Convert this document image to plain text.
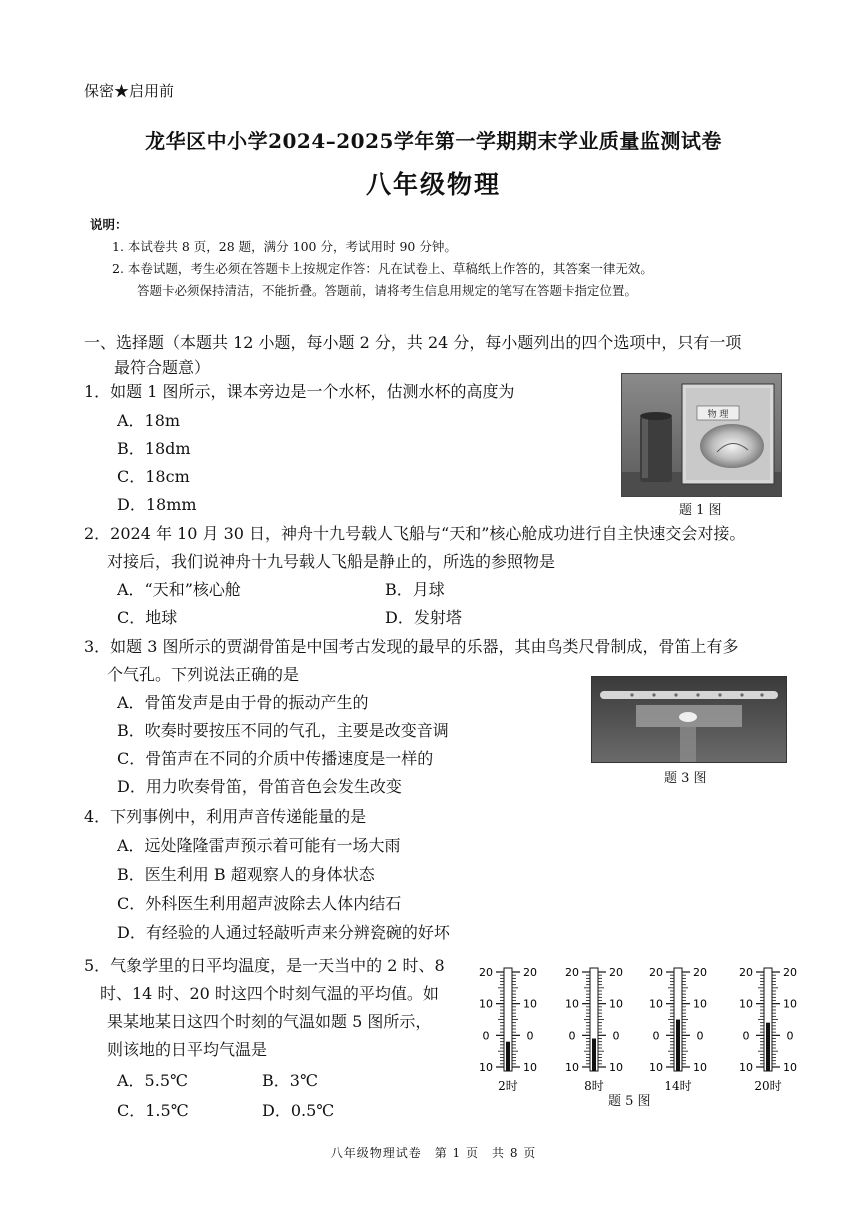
保密★启用前
龙华区中小学2024–2025学年第一学期期末学业质量监测试卷
八年级物理
说明：
1. 本试卷共 8 页，28 题，满分 100 分，考试用时 90 分钟。
2. 本卷试题，考生必须在答题卡上按规定作答：凡在试卷上、草稿纸上作答的，其答案一律无效。
答题卡必须保持清洁，不能折叠。答题前，请将考生信息用规定的笔写在答题卡指定位置。
一、选择题（本题共 12 小题，每小题 2 分，共 24 分，每小题列出的四个选项中，只有一项
最符合题意）
1．如题 1 图所示，课本旁边是一个水杯，估测水杯的高度为
A．18m
B．18dm
C．18cm
D．18mm
物 理
题 1 图
2．2024 年 10 月 30 日，神舟十九号载人飞船与“天和”核心舱成功进行自主快速交会对接。
对接后，我们说神舟十九号载人飞船是静止的，所选的参照物是
A．“天和”核心舱	B．月球
C．地球	D．发射塔
3．如题 3 图所示的贾湖骨笛是中国考古发现的最早的乐器，其由鸟类尺骨制成，骨笛上有多
个气孔。下列说法正确的是
A．骨笛发声是由于骨的振动产生的
B．吹奏时要按压不同的气孔，主要是改变音调
C．骨笛声在不同的介质中传播速度是一样的
D．用力吹奏骨笛，骨笛音色会发生改变	题 3 图
4．下列事例中，利用声音传递能量的是
A．远处隆隆雷声预示着可能有一场大雨
B．医生利用 B 超观察人的身体状态
C．外科医生利用超声波除去人体内结石
D．有经验的人通过轻敲听声来分辨瓷碗的好坏
5．气象学里的日平均温度，是一天当中的 2 时、8
时、14 时、20 时这四个时刻气温的平均值。如
果某地某日这四个时刻的气温如题 5 图所示，
则该地的日平均气温是
A．5.5℃	B．3℃
C．1.5℃	D．0.5℃
20	20
10	10
0	0
10	10
2时
20	20
10	10
0	0
10	10
8时
20	20
10	10
0	0
10	10
14时
20	20
10	10
0	0
10	10
20时
题 5 图
八年级物理试卷　第 1 页　共 8 页
